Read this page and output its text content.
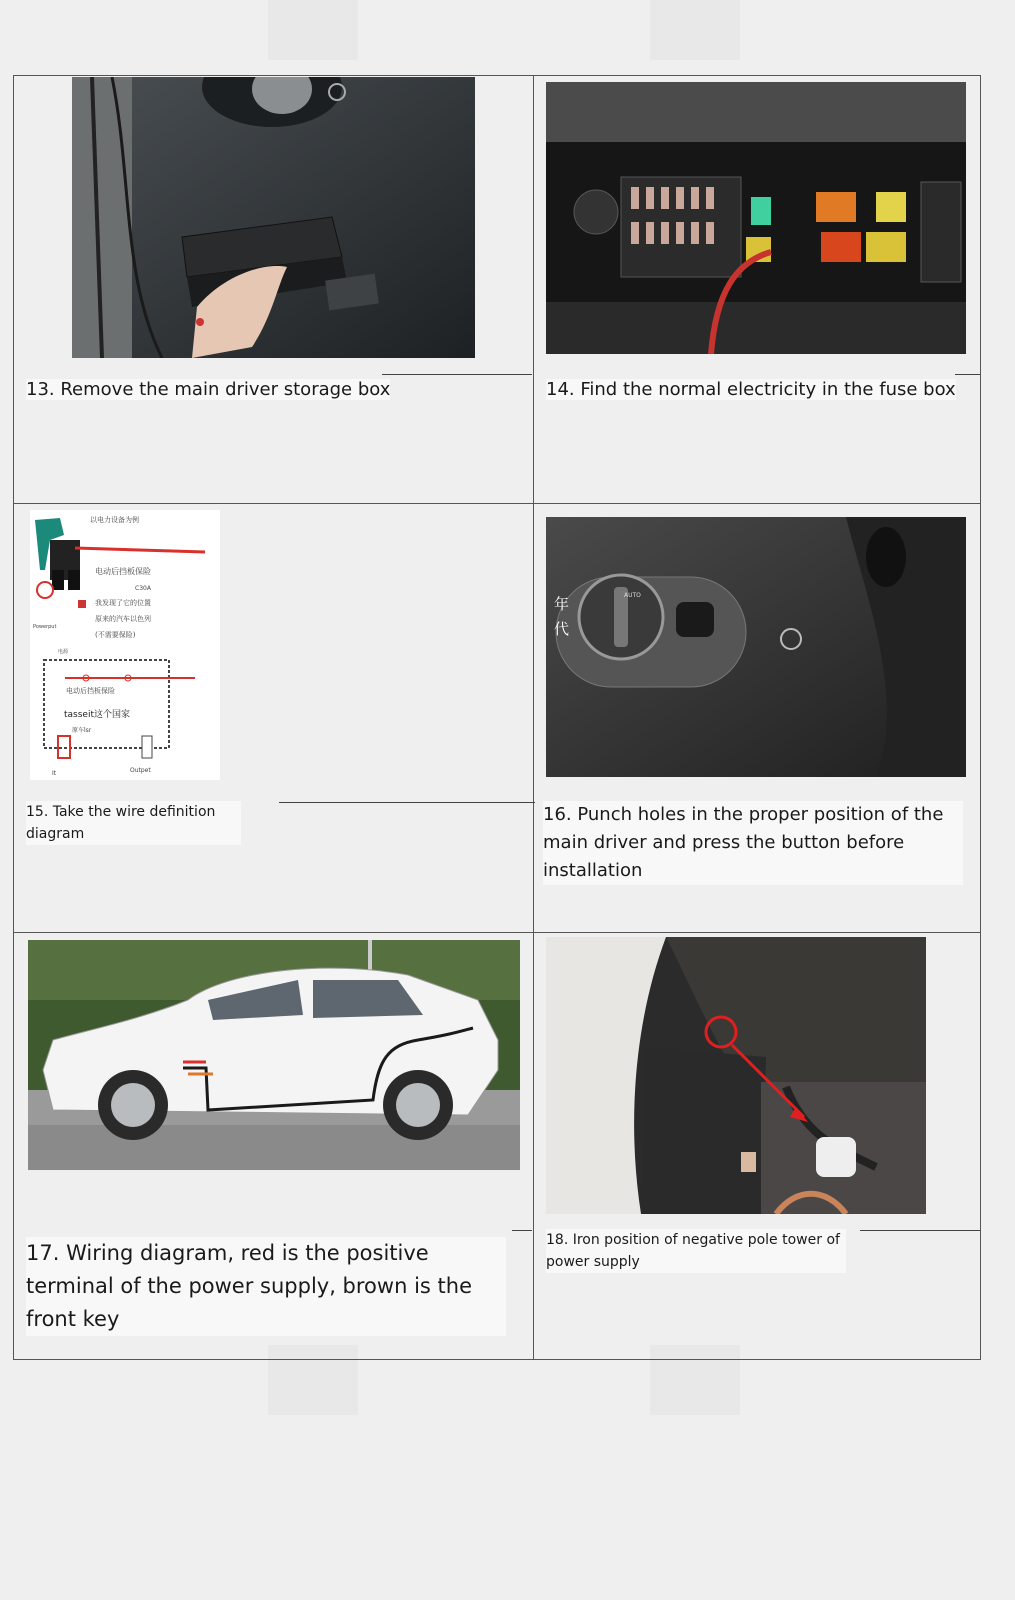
13. Remove the main driver storage box	14. Find the normal electricity in the fuse box
以电力设备为例
电动后挡板保险
C30A
我发现了它的位置
原来的汽车以色列
(不需要保险)
Powerput
电源
电动后挡板保险
tasseit这个国家
原车lsr
It	Outpet
15. Take the wire definition diagram
年
代
AUTO
16. Punch holes in the proper position of the main driver and press the button before installation
17. Wiring diagram, red is the positive terminal of the power supply, brown is the front key
18. Iron position of negative pole tower of power supply
